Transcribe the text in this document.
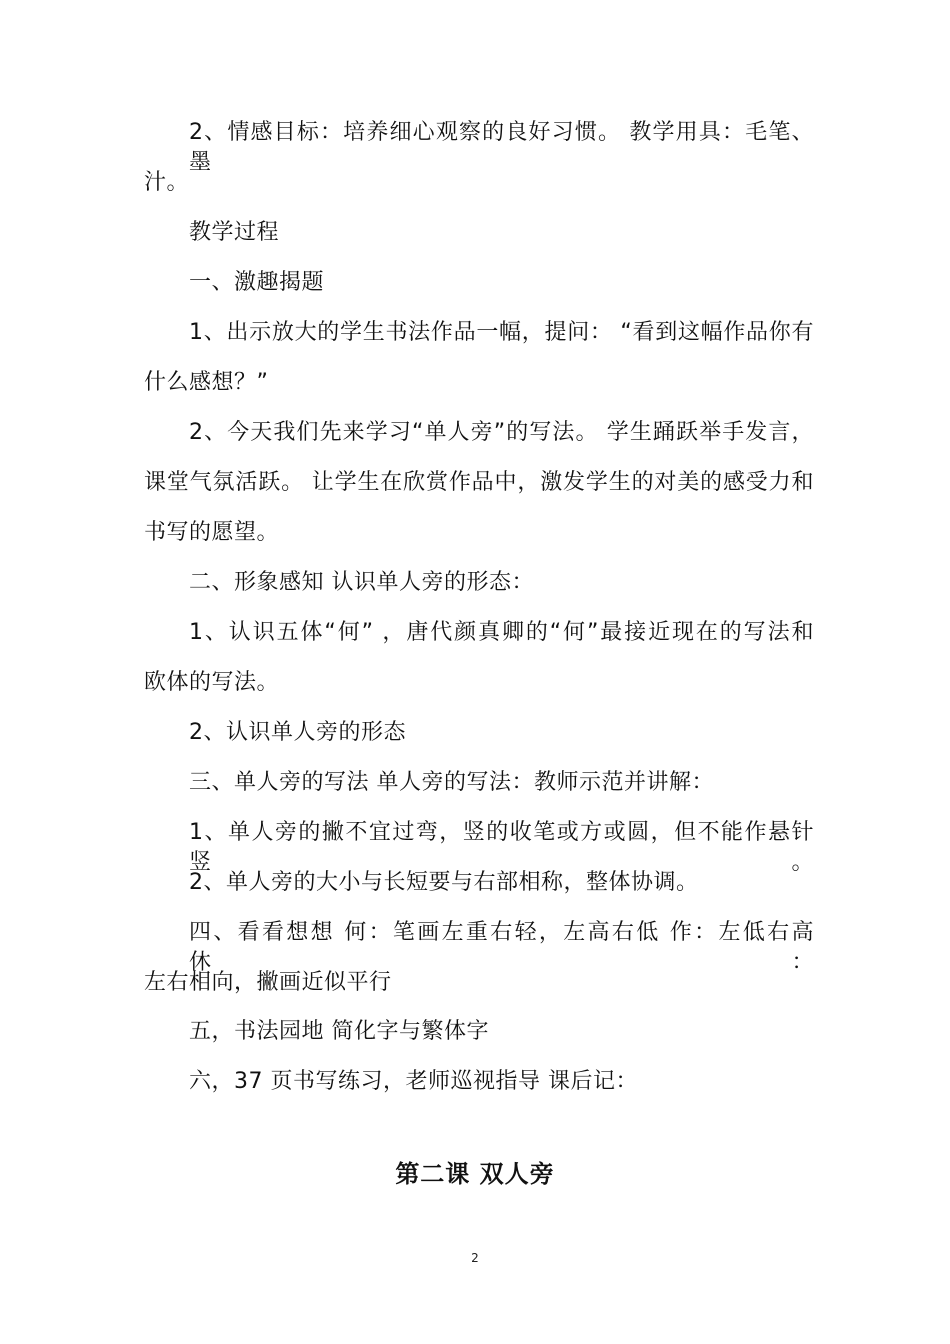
2、情感目标：培养细心观察的良好习惯。 教学用具：毛笔、墨
汁。
教学过程
一、激趣揭题
1、出示放大的学生书法作品一幅，提问： “看到这幅作品你有
什么感想？”
2、今天我们先来学习“单人旁”的写法。 学生踊跃举手发言，
课堂气氛活跃。 让学生在欣赏作品中，激发学生的对美的感受力和
书写的愿望。
二、形象感知 认识单人旁的形态：
1、认识五体“何” ，唐代颜真卿的“何”最接近现在的写法和
欧体的写法。
2、认识单人旁的形态
三、单人旁的写法 单人旁的写法：教师示范并讲解：
1、单人旁的撇不宜过弯，竖的收笔或方或圆，但不能作悬针竖。
2、单人旁的大小与长短要与右部相称，整体协调。
四、看看想想 何：笔画左重右轻，左高右低 作：左低右高 休：
左右相向，撇画近似平行
五，书法园地 简化字与繁体字
六，37 页书写练习，老师巡视指导 课后记：
第二课 双人旁
2
